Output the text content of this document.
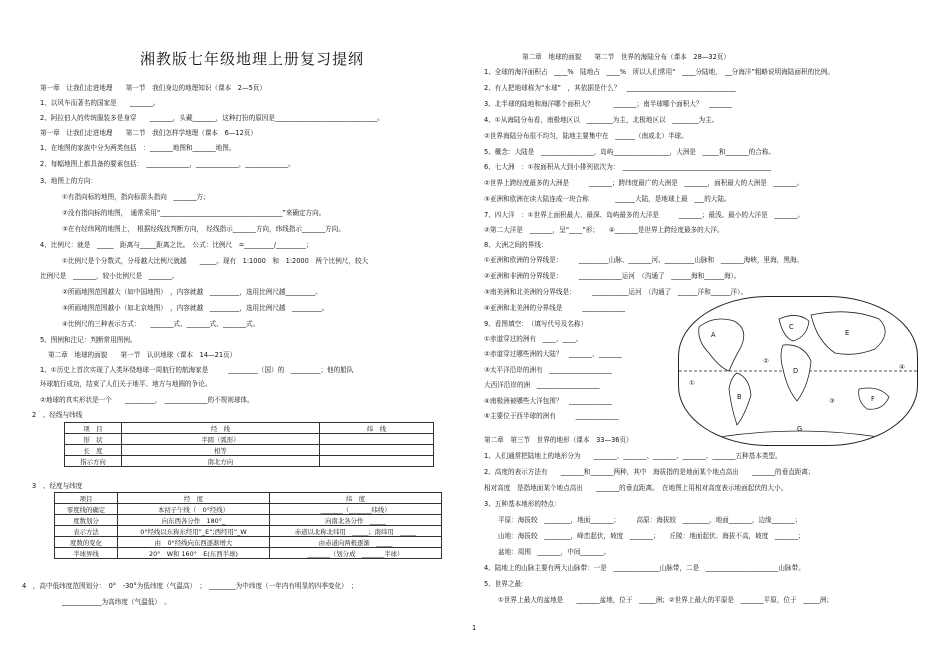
湘教版七年级地理上册复习提纲
第一章　让我们走进地理　　第一节　我们身边的地理知识（课本　2—5页）
1、以风车而著名的国家是　　_______。
2、阿拉伯人的传统服装多是身穿　　_______，头戴_______，这种打扮的原因是_______________________________。
第一章　让我们走进地理　　第二节　我们怎样学地理（课本　6—12页）
1、在地图的家族中分为两类包括　：_______地图和_______地图。
2、每幅地图上都具备的要素包括：　_____________，_____________，_____________。
3、地图上的方向：
①有指向标的地图，指向标箭头指向　_______方；
②没有指向标的地图，　通常采用“_____________________________________”来确定方向。
③在有经纬网的地图上，　根据经线找判断方向，　经线指示_______方向，纬线指示_______方向。
4、比例尺：就是　_____　距离与_____距离之比。　公式：比例尺　=_________/_________；
①比例尺是个分数式，分母越大比例尺就越　　_____。现有　1:1000　和　1:2000　两个比例尺，较大
比例尺是　_______，较小比例尺是　_______。
②所画地图范围越大（如中国地图）　，内容就越　_________，选用比例尺越_________。
③所画地图范围越小（如北京地图）　，内容就越　_________，选用比例尺越　_________。
④比例尺的三种表示方式：　　_______式、_______式、_______式。
5、图例和注记：判断常用图例。
第二章　地球的面貌　　第一节　认识地球（课本　14—21页）
1、①历史上首次实现了人类环绕地球一周航行的航海家是　　　_________（国）的　_________；他的船队
环球航行成功，结束了人们关于地平、地方与地圆的争论。
②地球的真实形状是一个　　_________，　_____________的不规则球体。
2　、经线与纬线
项　目	经　线	纬　线
形　状	半圆（弧形）	
长　度	相等	
指示方向	南北方向	
3　、经度与纬度
项目	经　度	纬　度
零度线的确定	本初子午线（　0°经线）	_______（_______纬线）
度数划分	向东西各分作　180°_	向南北各分作　_____
表示方法	0°经线以东称东经用“_E”;西经用“_W	赤道以北称北纬用　_____；南纬用　_____
度数的变化	由　0°经线向东西逐渐增大	由赤道向两极逐渐　_____
半球界线	20°　W和 160°　E(东西半球)	_______（划分成　_______半球）
4　，高中低纬度范围划分：　0°　-30°为低纬度（气温高）　；　________为中纬度（一年内有明显的四季变化）　；
____________为高纬度（气温低）　。
第二章　地球的面貌　　第二节　世界的海陆分布（课本　28—32页）
1、全球的海洋面积占　____%　陆地占　____%　所以人们常用“　____分陆地，　__分海洋”粗略说明海陆面积的比例。
2、有人把地球称为“水球”　，其依据是什么？　_________________________________
3、北半球的陆地和海洋哪个面积大？　　　_______；南半球哪个面积大？　_______
4、①从海陆分布看，南极地区以　________为主，北极地区以　________为主。
②世界海陆分布很不均匀，陆地主要集中在　______（南或北）半球。
5、概念：大陆是　________________，岛屿_________________，大洲是　_____和_______的合称。
6、七大洲　：①按面积从大到小排列依次为：　_____________________________________________
②世界上跨经度最多的大洲是　　　_______；跨纬度最广的大洲是　_______，面积最大的大洲是　_______。
③亚洲和欧洲在读大陆连成一块合称　　　　______大陆，是地球上最　___的大陆。
7、四大洋　：①世界上面积最大、最深、岛屿最多的大洋是　　　_______；最浅、最小的大洋是　_______。
②第二大洋是　_______，呈“____”形；　　④_______是世界上跨经度最多的大洋。
8、大洲之间的界线：
①亚洲和欧洲的分界线是：　　　_________山脉、_______河、_________山脉和　_______海峡，里海，黑海。
②亚洲和非洲的分界线是：　　　_____________运河　（沟通了　______海和______海）。
③南美洲和北美洲的分界线是：　　　___________运河　（沟通了　______洋和______洋）。
④亚洲和北美洲的分界线是　　　_____________
9、看图填空：　（填写代号及名称）
①赤道穿过的洲有　____、____。
②赤道穿过哪些洲的大陆？　_______、_______
③太平洋沿岸的洲有　___________________
大西洋沿岸的洲　___________________
④南极洲被哪些大洋包围？　_____________
⑤主要位于西半球的洲有　　　_____________
第二章　第三节　世界的地形（课本　33—36页）
1、人们通常把陆地上的地形分为　　_______、_______、_______、_______、_______五种基本类型。
2、高度的表示方法有　　_______和_______两种，其中　海拔指的是地面某个地点高出　　_______的垂直距离；
相对高度　是指地面某个地点高出　　_______的垂直距离。　在地图上用相对高度表示地面起伏的大小。
3、五种基本地形的特点：
平原：海拔较　________，地面_______；　　　高原：海拔较　________，地面_______，边缘_______；
山地：海拔较　________，峰峦起伏，坡度　_______；　　丘陵：地面起伏、海拔不高，坡度　_______；
盆地：周围　_______，中间_______。
4、陆地上的山脉主要有两大山脉带：一是　______________山脉带，二是　______________________山脉带。
5、世界之最：
①世界上最大的盆地是　　_______盆地，位于　_____洲；②世界上最大的平原是　_______平原，位于　_____洲；
A
B
C
D
E
F
G
①
②
③
④
1
